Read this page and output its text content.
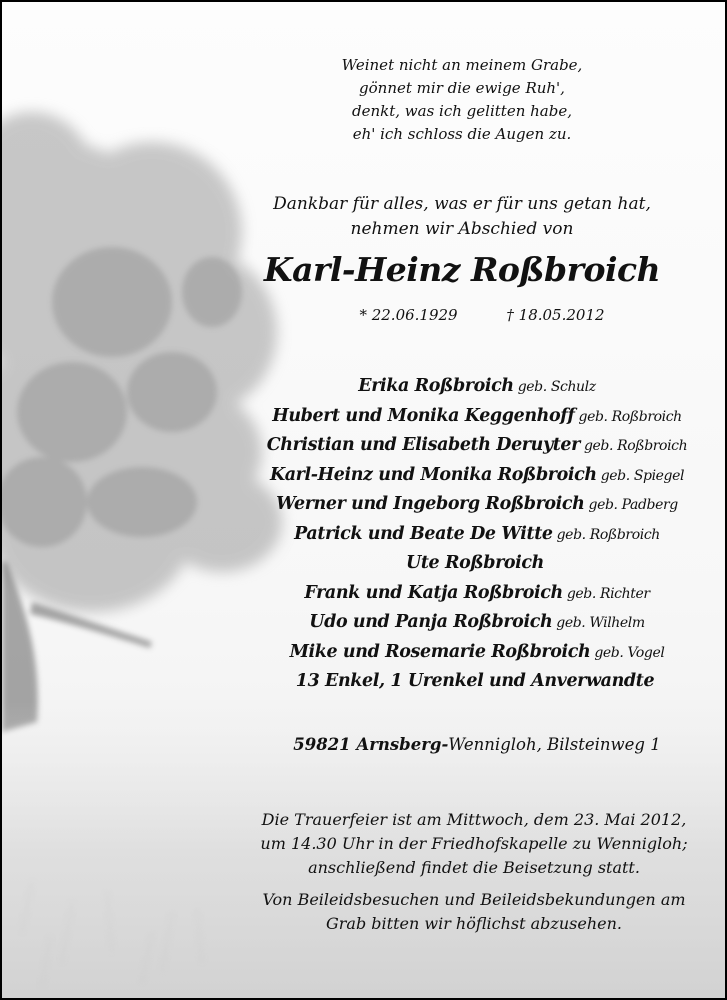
Weinet nicht an meinem Grabe,
gönnet mir die ewige Ruh',
denkt, was ich gelitten habe,
eh' ich schloss die Augen zu.
Dankbar für alles, was er für uns getan hat,
nehmen wir Abschied von
Karl-Heinz Roßbroich
* 22.06.1929	† 18.05.2012
Erika Roßbroich geb. Schulz
Hubert und Monika Keggenhoff geb. Roßbroich
Christian und Elisabeth Deruyter geb. Roßbroich
Karl-Heinz und Monika Roßbroich geb. Spiegel
Werner und Ingeborg Roßbroich geb. Padberg
Patrick und Beate De Witte geb. Roßbroich
Ute Roßbroich
Frank und Katja Roßbroich geb. Richter
Udo und Panja Roßbroich geb. Wilhelm
Mike und Rosemarie Roßbroich geb. Vogel
13 Enkel, 1 Urenkel und Anverwandte
59821 Arnsberg-Wennigloh, Bilsteinweg 1
Die Trauerfeier ist am Mittwoch, dem 23. Mai 2012,
um 14.30 Uhr in der Friedhofskapelle zu Wennigloh;
anschließend findet die Beisetzung statt.
Von Beileidsbesuchen und Beileidsbekundungen am
Grab bitten wir höflichst abzusehen.
